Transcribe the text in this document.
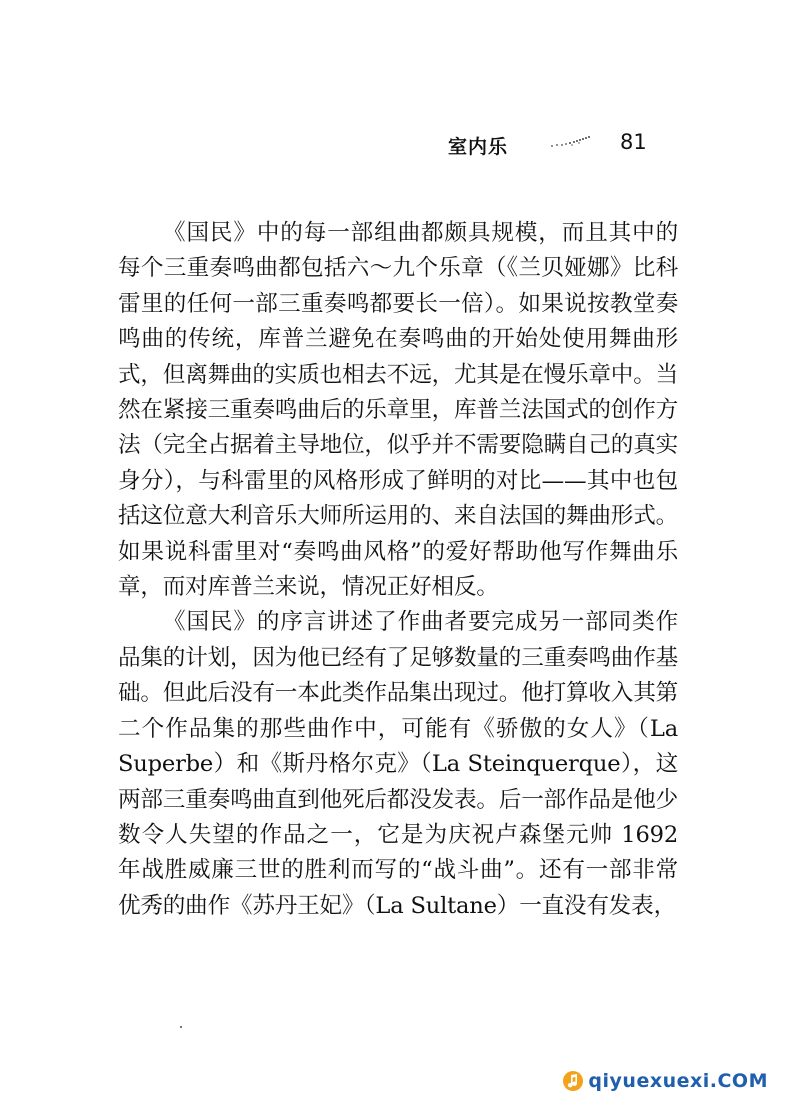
室内乐	81

《国民》中的每一部组曲都颇具规模，而且其中的每个三重奏鸣曲都包括六～九个乐章（《兰贝娅娜》比科雷里的任何一部三重奏鸣都要长一倍）。如果说按教堂奏鸣曲的传统，库普兰避免在奏鸣曲的开始处使用舞曲形式，但离舞曲的实质也相去不远，尤其是在慢乐章中。当然在紧接三重奏鸣曲后的乐章里，库普兰法国式的创作方法（完全占据着主导地位，似乎并不需要隐瞒自己的真实身分），与科雷里的风格形成了鲜明的对比——其中也包括这位意大利音乐大师所运用的、来自法国的舞曲形式。如果说科雷里对“奏鸣曲风格”的爱好帮助他写作舞曲乐章，而对库普兰来说，情况正好相反。

《国民》的序言讲述了作曲者要完成另一部同类作品集的计划，因为他已经有了足够数量的三重奏鸣曲作基础。但此后没有一本此类作品集出现过。他打算收入其第二个作品集的那些曲作中，可能有《骄傲的女人》（La Superbe）和《斯丹格尔克》（La Steinquerque），这两部三重奏鸣曲直到他死后都没发表。后一部作品是他少数令人失望的作品之一，它是为庆祝卢森堡元帅 1692 年战胜威廉三世的胜利而写的“战斗曲”。还有一部非常优秀的曲作《苏丹王妃》（La Sultane）一直没有发表，

qiyuexuexi.COM
